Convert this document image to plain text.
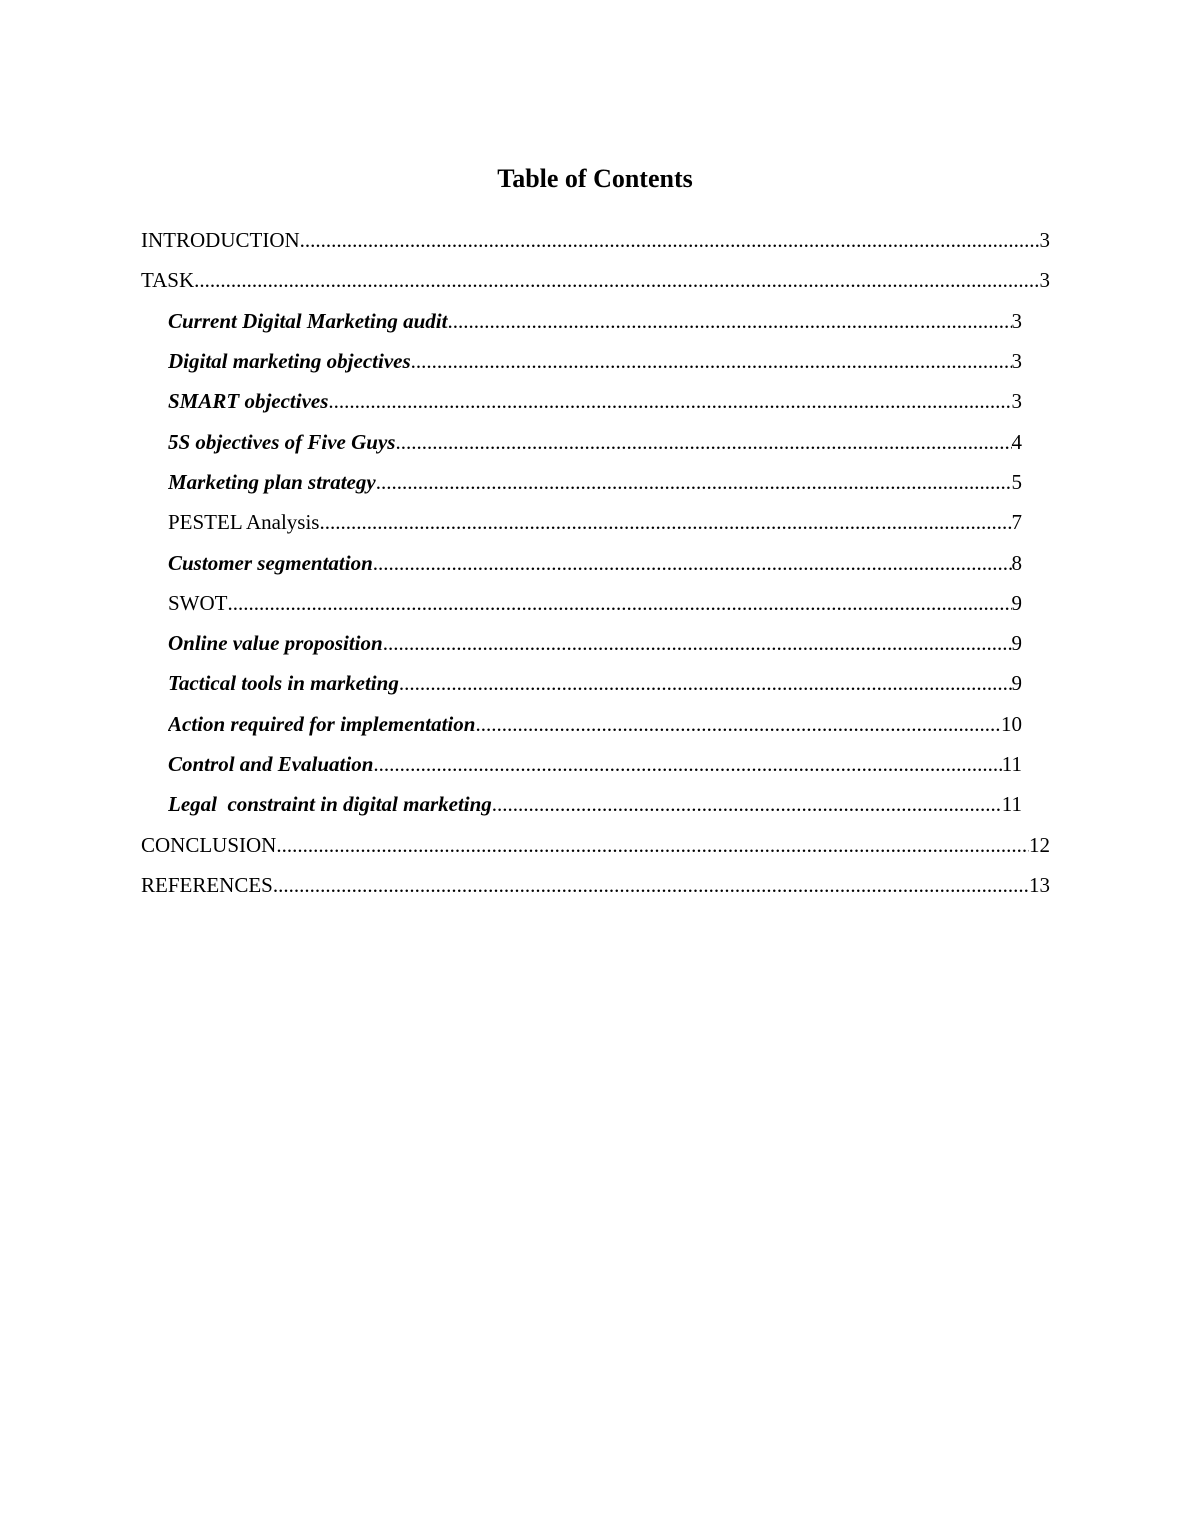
Table of Contents
INTRODUCTION .....	3
TASK .....	3
Current Digital Marketing audit .....	3
Digital marketing objectives .....	3
SMART objectives .....	3
5S objectives of Five Guys .....	4
Marketing plan strategy .....	5
PESTEL Analysis .....	7
Customer segmentation .....	8
SWOT .....	9
Online value proposition .....	9
Tactical tools in marketing .....	9
Action required for implementation .....	10
Control and Evaluation .....	11
Legal  constraint in digital marketing .....	11
CONCLUSION .....	12
REFERENCES .....	13
